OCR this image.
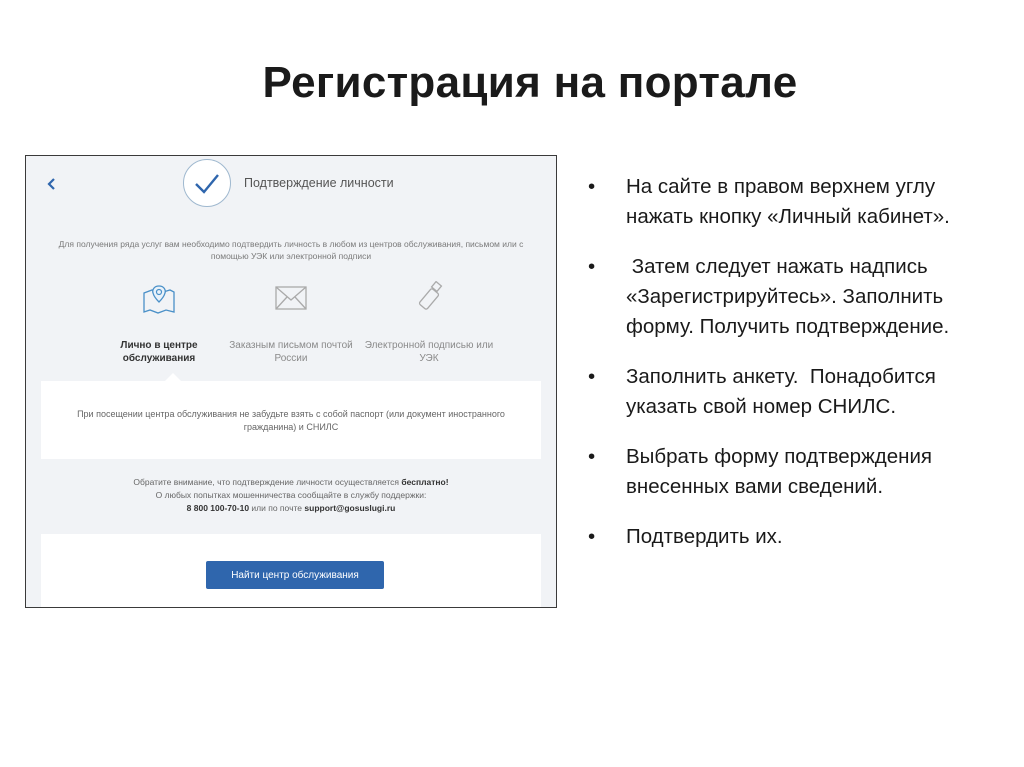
Регистрация на портале
Подтверждение личности
Для получения ряда услуг вам необходимо подтвердить личность в любом из центров обслуживания, письмом или с помощью УЭК или электронной подписи
Лично в центре обслуживания
Заказным письмом почтой России
Электронной подписью или УЭК
При посещении центра обслуживания не забудьте взять с собой паспорт (или документ иностранного гражданина) и СНИЛС

Обратите внимание, что подтверждение личности осуществляется бесплатно!

О любых попытках мошенничества сообщайте в службу поддержки:

8 800 100-70-10 или по почте support@gosuslugi.ru

Найти центр обслуживания
• На сайте в правом верхнем углу нажать кнопку «Личный кабинет».
• Затем следует нажать надпись «Зарегистрируйтесь». Заполнить форму. Получить подтверждение.
• Заполнить анкету.  Понадобится указать свой номер СНИЛС.
• Выбрать форму подтверждения внесенных вами сведений.
• Подтвердить их.
